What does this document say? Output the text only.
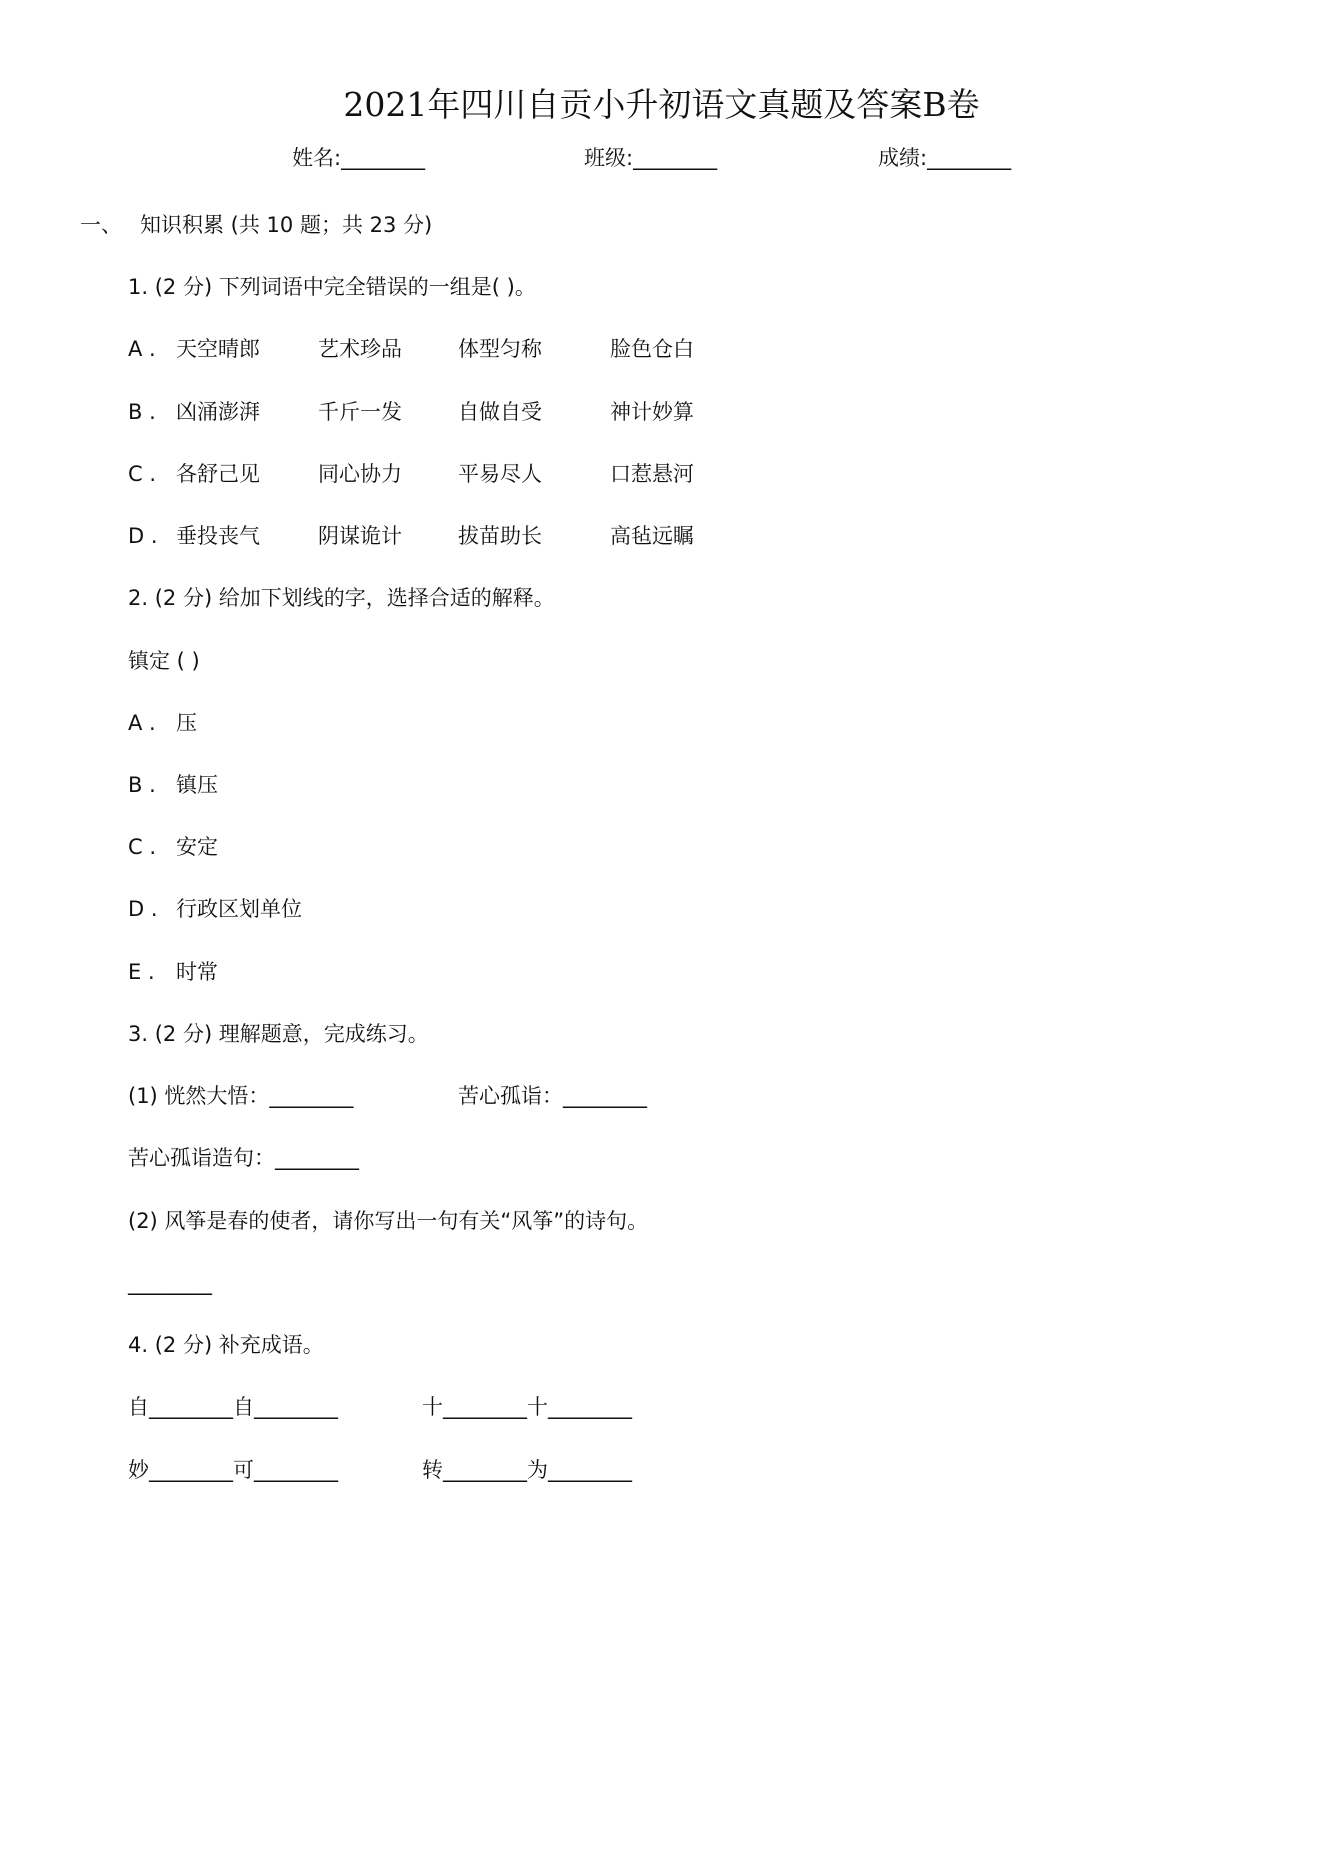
2021年四川自贡小升初语文真题及答案B卷
姓名:________	班级:________	成绩:________
一、 知识积累 (共 10 题；共 23 分)
1. (2 分) 下列词语中完全错误的一组是( )。
A . 天空晴郎	艺术珍品	体型匀称	脸色仓白
B . 凶涌澎湃	千斤一发	自做自受	神计妙算
C . 各舒己见	同心协力	平易尽人	口惹悬河
D . 垂投丧气	阴谋诡计	拔苗助长	高毡远瞩
2. (2 分) 给加下划线的字，选择合适的解释。
镇定 ( )
A . 压
B . 镇压
C . 安定
D . 行政区划单位
E . 时常
3. (2 分) 理解题意，完成练习。
(1) 恍然大悟：________	苦心孤诣：________
苦心孤诣造句：________
(2) 风筝是春的使者，请你写出一句有关“风筝”的诗句。
________
4. (2 分) 补充成语。
自________自________	十________十________
妙________可________	转________为________
